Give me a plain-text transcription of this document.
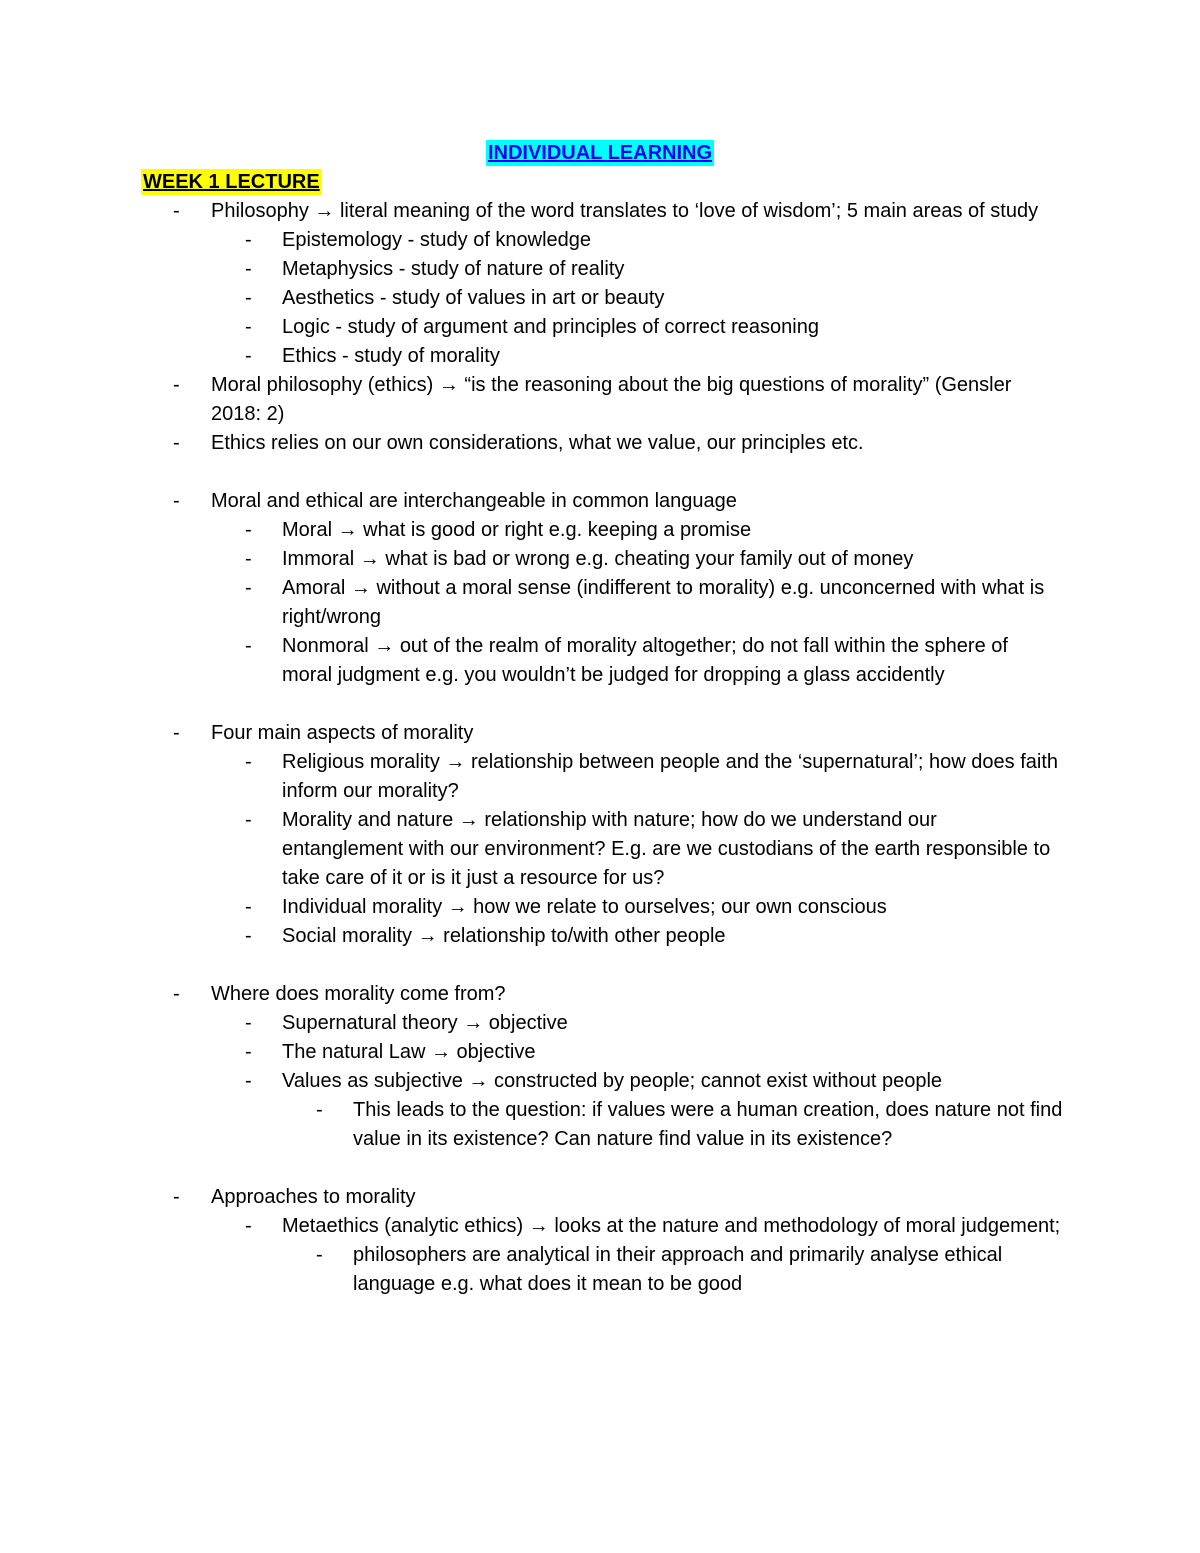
INDIVIDUAL LEARNING
WEEK 1 LECTURE
- Philosophy → literal meaning of the word translates to ‘love of wisdom’; 5 main areas of study
- Epistemology - study of knowledge
- Metaphysics - study of nature of reality
- Aesthetics - study of values in art or beauty
- Logic - study of argument and principles of correct reasoning
- Ethics - study of morality
- Moral philosophy (ethics) → “is the reasoning about the big questions of morality” (Gensler 2018: 2)
- Ethics relies on our own considerations, what we value, our principles etc.
- Moral and ethical are interchangeable in common language
- Moral → what is good or right e.g. keeping a promise
- Immoral → what is bad or wrong e.g. cheating your family out of money
- Amoral → without a moral sense (indifferent to morality) e.g. unconcerned with what is right/wrong
- Nonmoral → out of the realm of morality altogether; do not fall within the sphere of moral judgment e.g. you wouldn’t be judged for dropping a glass accidently
- Four main aspects of morality
- Religious morality → relationship between people and the ‘supernatural’; how does faith inform our morality?
- Morality and nature → relationship with nature; how do we understand our entanglement with our environment? E.g. are we custodians of the earth responsible to take care of it or is it just a resource for us?
- Individual morality → how we relate to ourselves; our own conscious
- Social morality → relationship to/with other people
- Where does morality come from?
- Supernatural theory → objective
- The natural Law → objective
- Values as subjective → constructed by people; cannot exist without people
- This leads to the question: if values were a human creation, does nature not find value in its existence? Can nature find value in its existence?
- Approaches to morality
- Metaethics (analytic ethics) → looks at the nature and methodology of moral judgement;
- philosophers are analytical in their approach and primarily analyse ethical language e.g. what does it mean to be good
